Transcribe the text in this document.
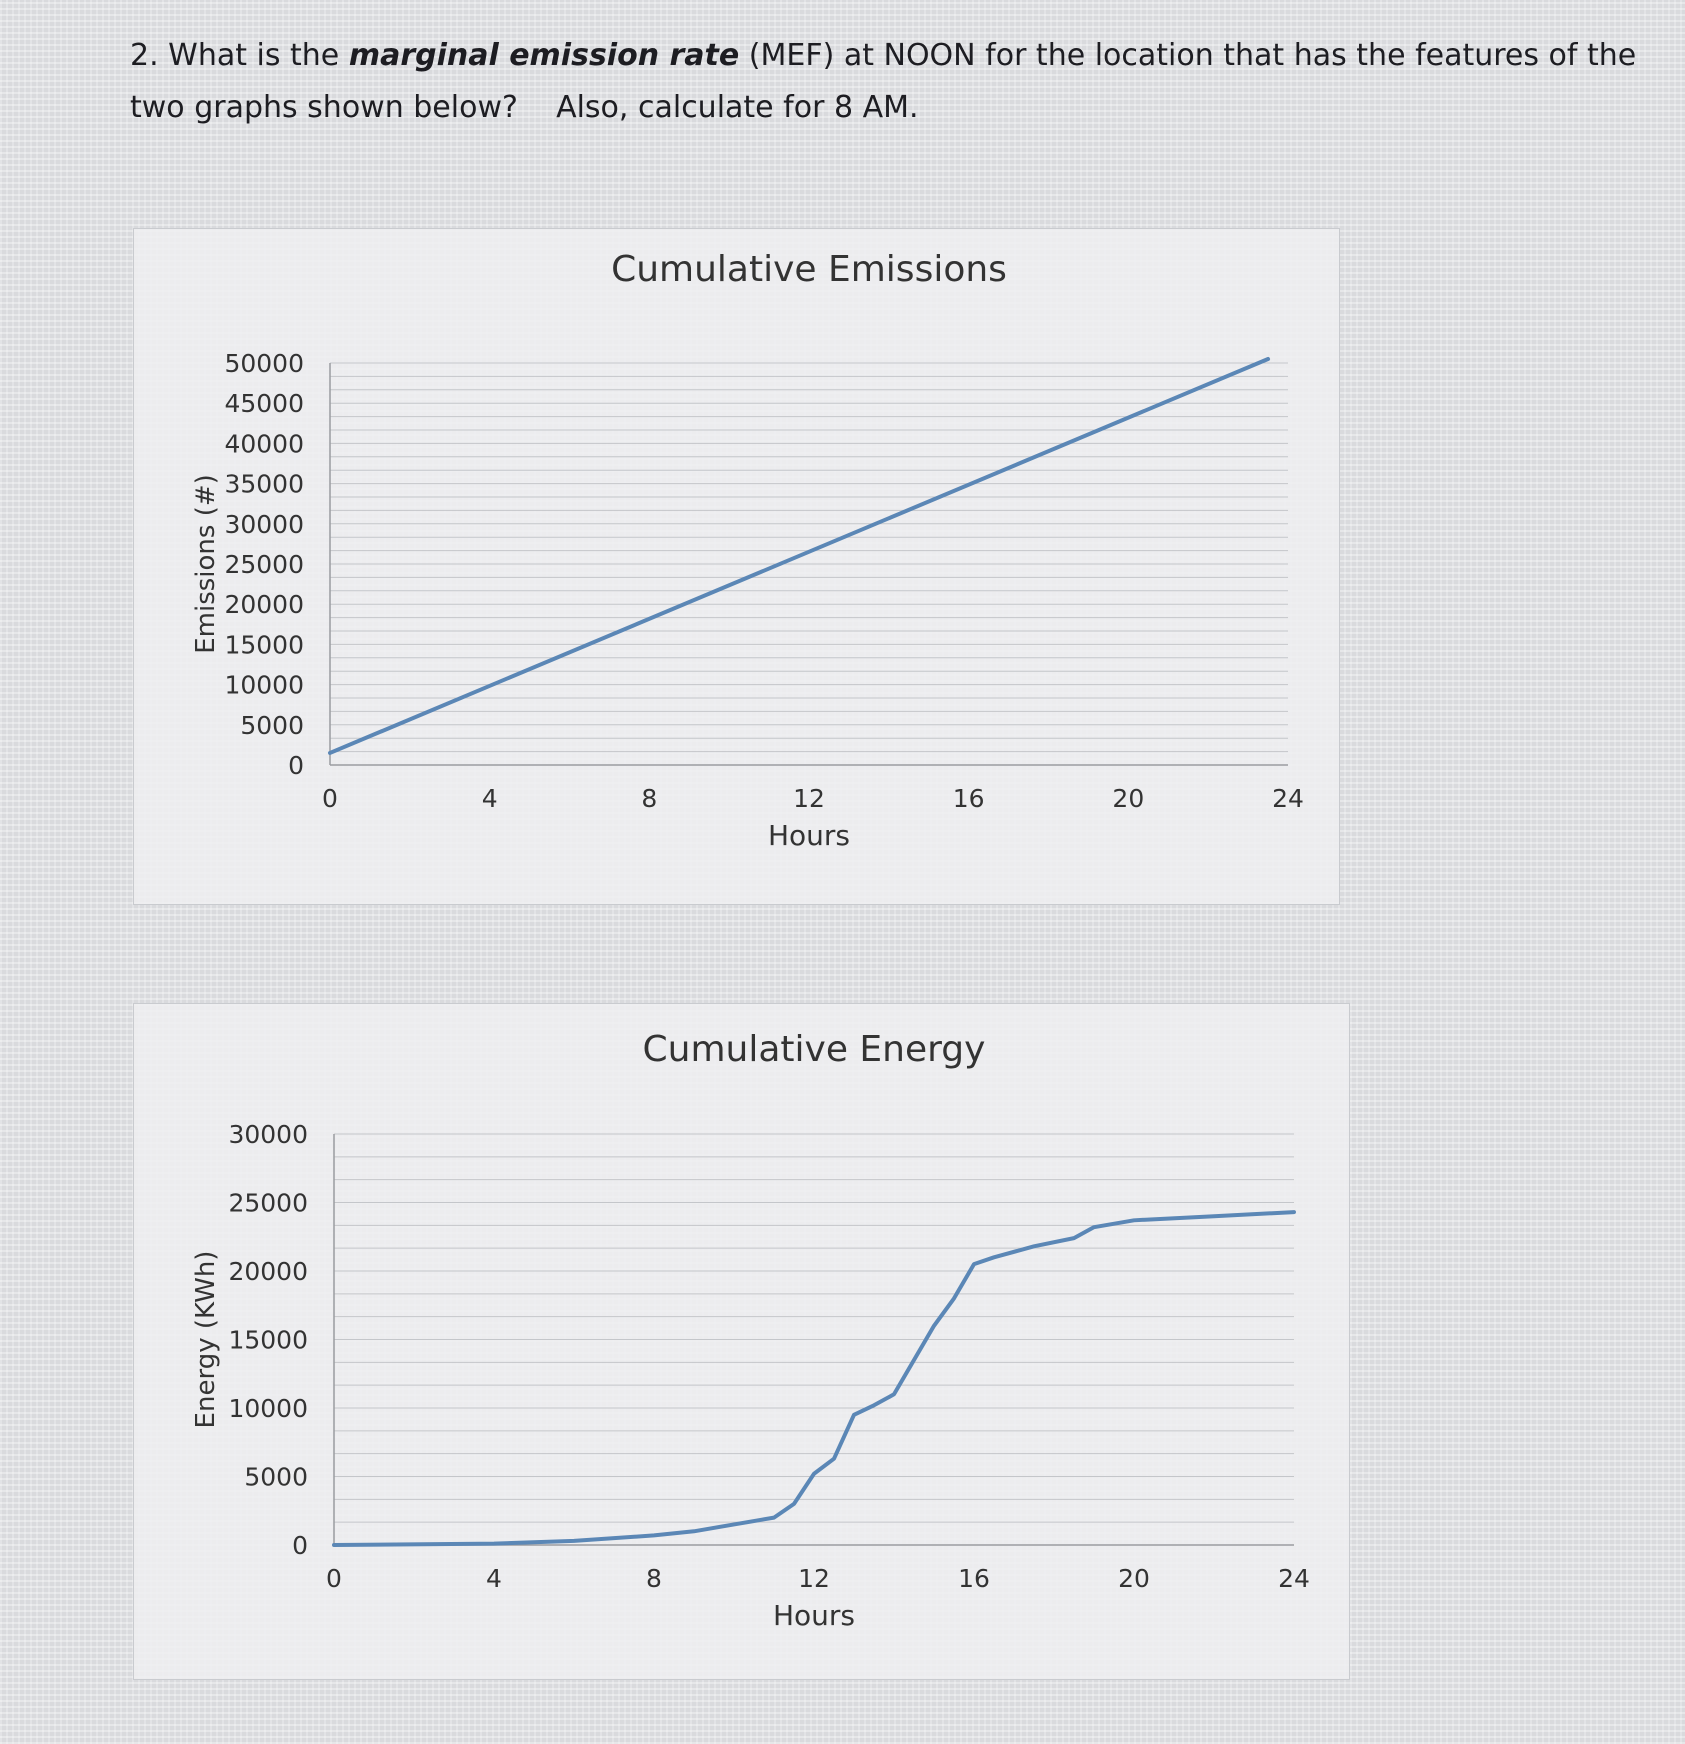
2. What is the marginal emission rate (MEF) at NOON for the location that has the features of the two graphs shown below? Also, calculate for 8 AM.
Cumulative Emissions
0
5000
10000
15000
20000
25000
30000
35000
40000
45000
50000
0	4	8	12	16	20	24
Hours
Emissions (#)
Cumulative Energy
0
5000
10000
15000
20000
25000
30000
0	4	8	12	16	20	24
Hours
Energy (KWh)
